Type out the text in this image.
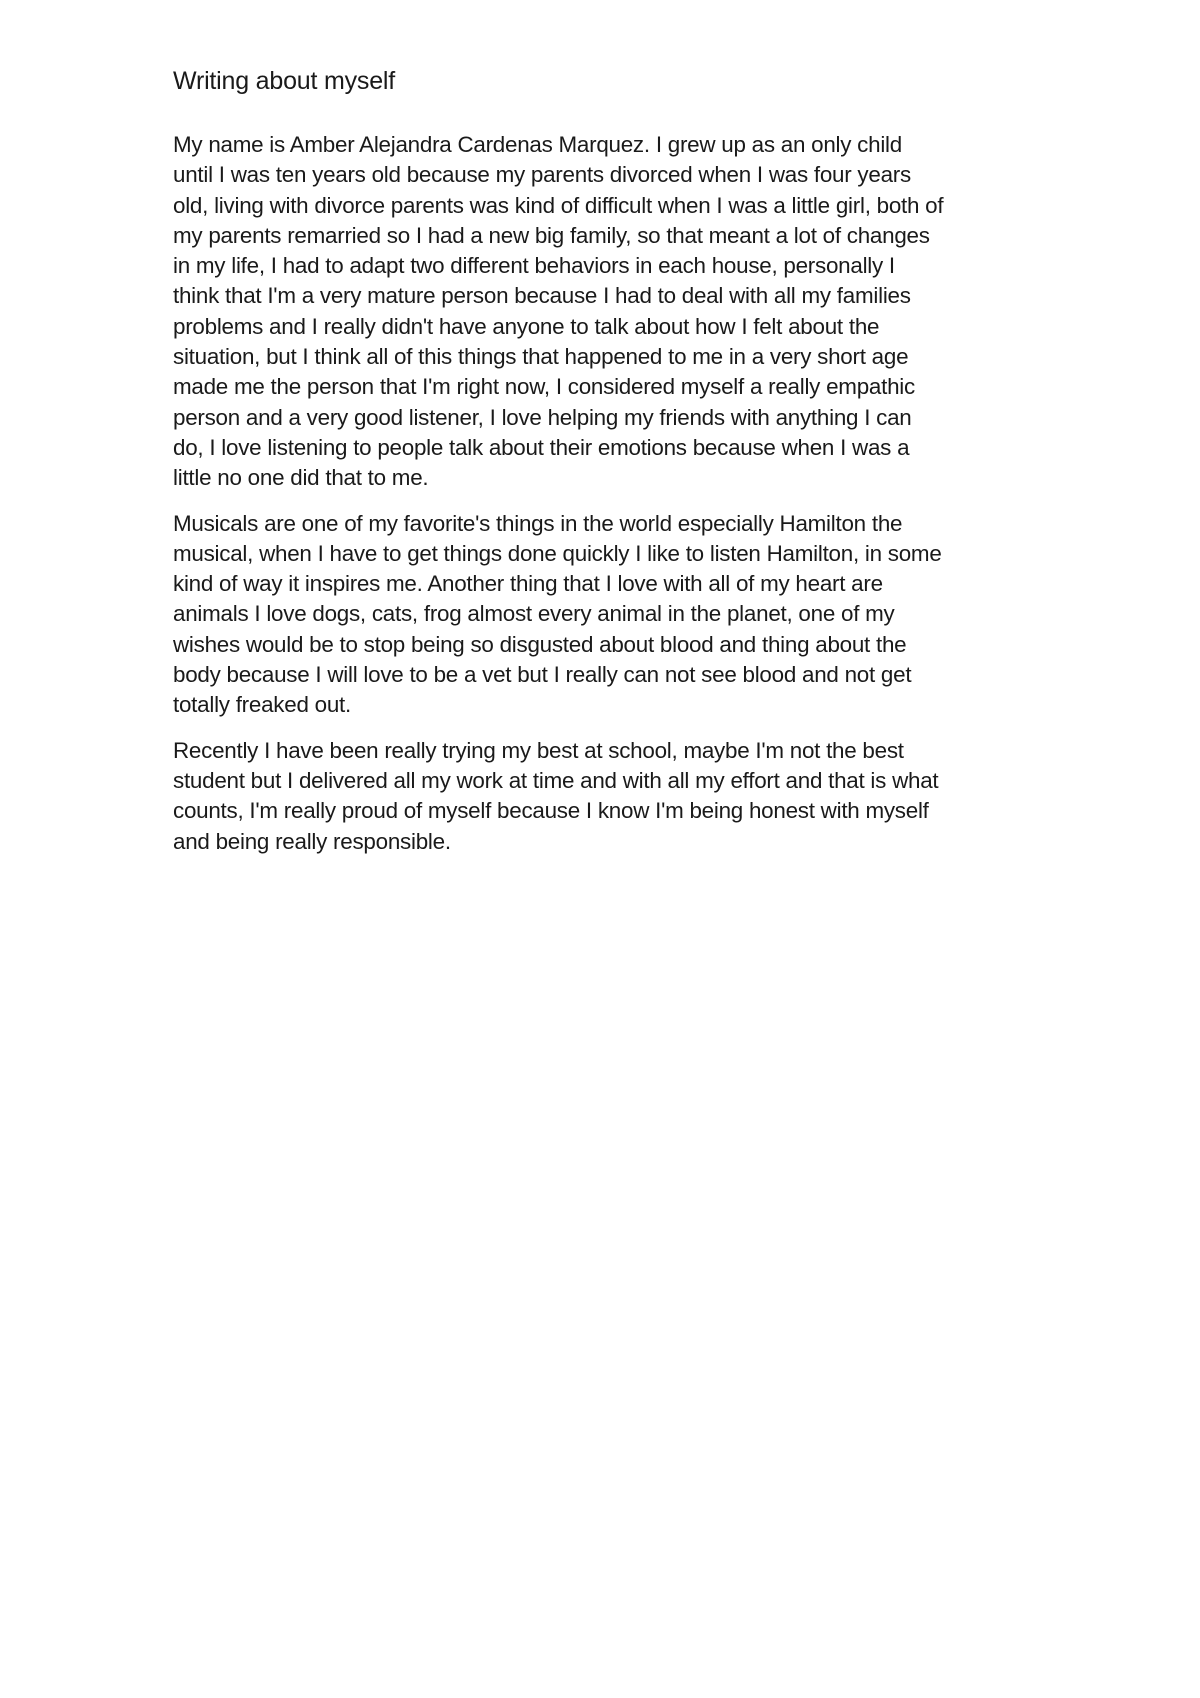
Writing about myself
My name is Amber Alejandra Cardenas Marquez. I grew up as an only child
until I was ten years old because my parents divorced when I was four years
old, living with divorce parents was kind of difficult when I was a little girl, both of
my parents remarried so I had a new big family, so that meant a lot of changes
in my life, I had to adapt two different behaviors in each house, personally I
think that I'm a very mature person because I had to deal with all my families
problems and I really didn't have anyone to talk about how I felt about the
situation, but I think all of this things that happened to me in a very short age
made me the person that I'm right now, I considered myself a really empathic
person and a very good listener, I love helping my friends with anything I can
do, I love listening to people talk about their emotions because when I was a
little no one did that to me.
Musicals are one of my favorite's things in the world especially Hamilton the
musical, when I have to get things done quickly I like to listen Hamilton, in some
kind of way it inspires me. Another thing that I love with all of my heart are
animals I love dogs, cats, frog almost every animal in the planet, one of my
wishes would be to stop being so disgusted about blood and thing about the
body because I will love to be a vet but I really can not see blood and not get
totally freaked out.
Recently I have been really trying my best at school, maybe I'm not the best
student but I delivered all my work at time and with all my effort and that is what
counts, I'm really proud of myself because I know I'm being honest with myself
and being really responsible.
